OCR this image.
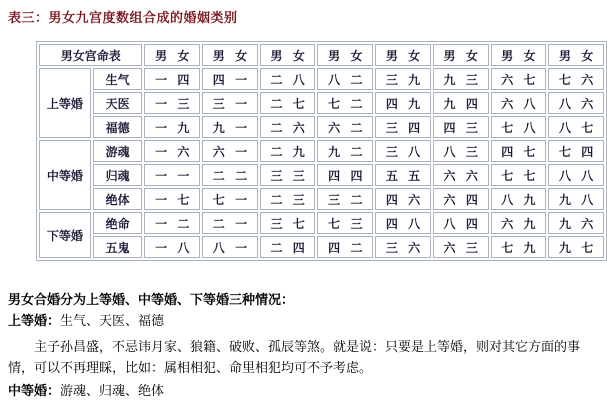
表三：男女九宫度数组合成的婚姻类别
男女宫命表		男 女	男 女	男 女	男 女	男 女	男 女	男 女	男 女
上等婚	生气	一 四	四 一	二 八	八 二	三 九	九 三	六 七	七 六
	天医	一 三	三 一	二 七	七 二	四 九	九 四	六 八	八 六
	福德	一 九	九 一	二 六	六 二	三 四	四 三	七 八	八 七
中等婚	游魂	一 六	六 一	二 九	九 二	三 八	八 三	四 七	七 四
	归魂	一 一	二 二	三 三	四 四	五 五	六 六	七 七	八 八
	绝体	一 七	七 一	二 三	三 二	四 六	六 四	八 九	九 八
下等婚	绝命	一 二	二 一	三 七	七 三	四 八	八 四	六 九	九 六
	五鬼	一 八	八 一	二 四	四 二	三 六	六 三	七 九	九 七

男女合婚分为上等婚、中等婚、下等婚三种情况：

上等婚：生气、天医、福德

主子孙昌盛，不忌讳月家、狼籍、破败、孤辰等煞。就是说：只要是上等婚，则对其它方面的事情，可以不再理睬，比如：属相相犯、命里相犯均可不予考虑。

中等婚：游魂、归魂、绝体
